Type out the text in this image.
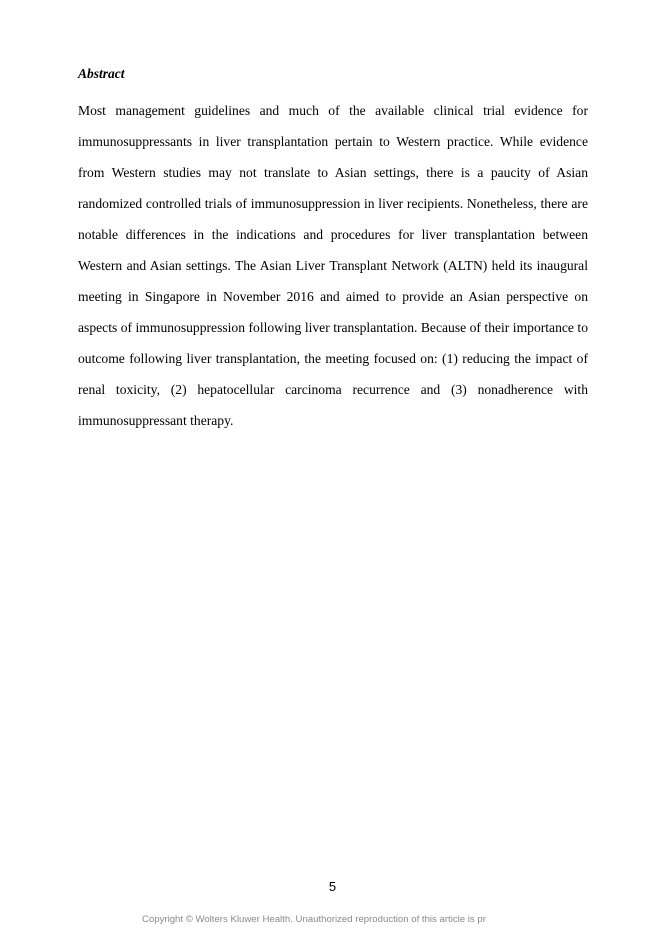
Abstract

Most management guidelines and much of the available clinical trial evidence for immunosuppressants in liver transplantation pertain to Western practice. While evidence from Western studies may not translate to Asian settings, there is a paucity of Asian randomized controlled trials of immunosuppression in liver recipients. Nonetheless, there are notable differences in the indications and procedures for liver transplantation between Western and Asian settings. The Asian Liver Transplant Network (ALTN) held its inaugural meeting in Singapore in November 2016 and aimed to provide an Asian perspective on aspects of immunosuppression following liver transplantation. Because of their importance to outcome following liver transplantation, the meeting focused on: (1) reducing the impact of renal toxicity, (2) hepatocellular carcinoma recurrence and (3) nonadherence with immunosuppressant therapy.

5
Copyright © Wolters Kluwer Health. Unauthorized reproduction of this article is pr
